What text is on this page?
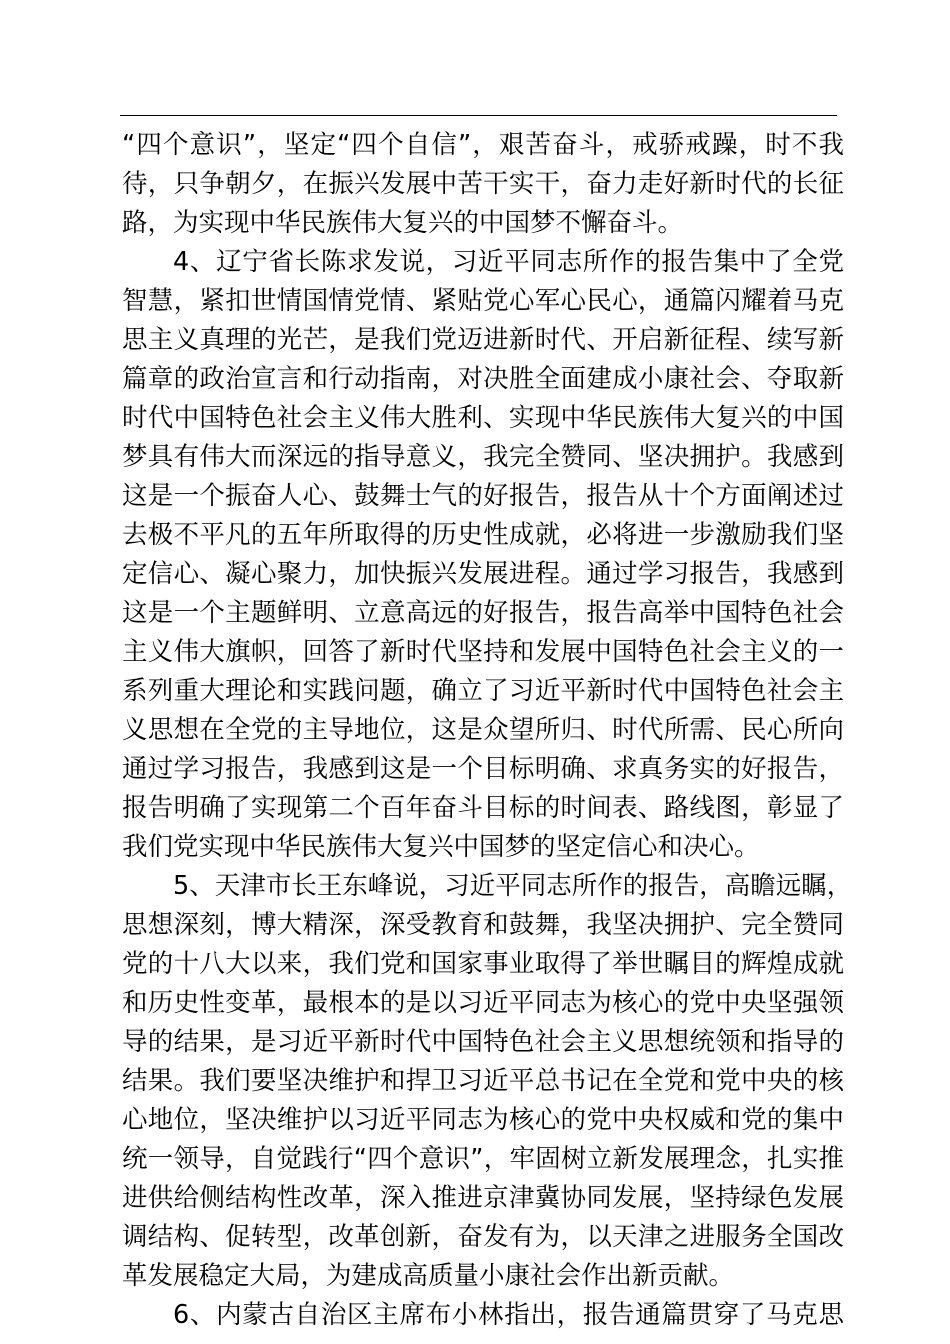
“四个意识”，坚定“四个自信”，艰苦奋斗，戒骄戒躁，时不我
待，只争朝夕，在振兴发展中苦干实干，奋力走好新时代的长征
路，为实现中华民族伟大复兴的中国梦不懈奋斗。
4、辽宁省长陈求发说，习近平同志所作的报告集中了全党
智慧，紧扣世情国情党情、紧贴党心军心民心，通篇闪耀着马克
思主义真理的光芒，是我们党迈进新时代、开启新征程、续写新
篇章的政治宣言和行动指南，对决胜全面建成小康社会、夺取新
时代中国特色社会主义伟大胜利、实现中华民族伟大复兴的中国
梦具有伟大而深远的指导意义，我完全赞同、坚决拥护。我感到
这是一个振奋人心、鼓舞士气的好报告，报告从十个方面阐述过
去极不平凡的五年所取得的历史性成就，必将进一步激励我们坚
定信心、凝心聚力，加快振兴发展进程。通过学习报告，我感到
这是一个主题鲜明、立意高远的好报告，报告高举中国特色社会
主义伟大旗帜，回答了新时代坚持和发展中国特色社会主义的一
系列重大理论和实践问题，确立了习近平新时代中国特色社会主
义思想在全党的主导地位，这是众望所归、时代所需、民心所向
通过学习报告，我感到这是一个目标明确、求真务实的好报告，
报告明确了实现第二个百年奋斗目标的时间表、路线图，彰显了
我们党实现中华民族伟大复兴中国梦的坚定信心和决心。
5、天津市长王东峰说，习近平同志所作的报告，高瞻远瞩，
思想深刻，博大精深，深受教育和鼓舞，我坚决拥护、完全赞同
党的十八大以来，我们党和国家事业取得了举世瞩目的辉煌成就
和历史性变革，最根本的是以习近平同志为核心的党中央坚强领
导的结果，是习近平新时代中国特色社会主义思想统领和指导的
结果。我们要坚决维护和捍卫习近平总书记在全党和党中央的核
心地位，坚决维护以习近平同志为核心的党中央权威和党的集中
统一领导，自觉践行“四个意识”，牢固树立新发展理念，扎实推
进供给侧结构性改革，深入推进京津冀协同发展，坚持绿色发展
调结构、促转型，改革创新，奋发有为，以天津之进服务全国改
革发展稳定大局，为建成高质量小康社会作出新贡献。
6、内蒙古自治区主席布小林指出，报告通篇贯穿了马克思
